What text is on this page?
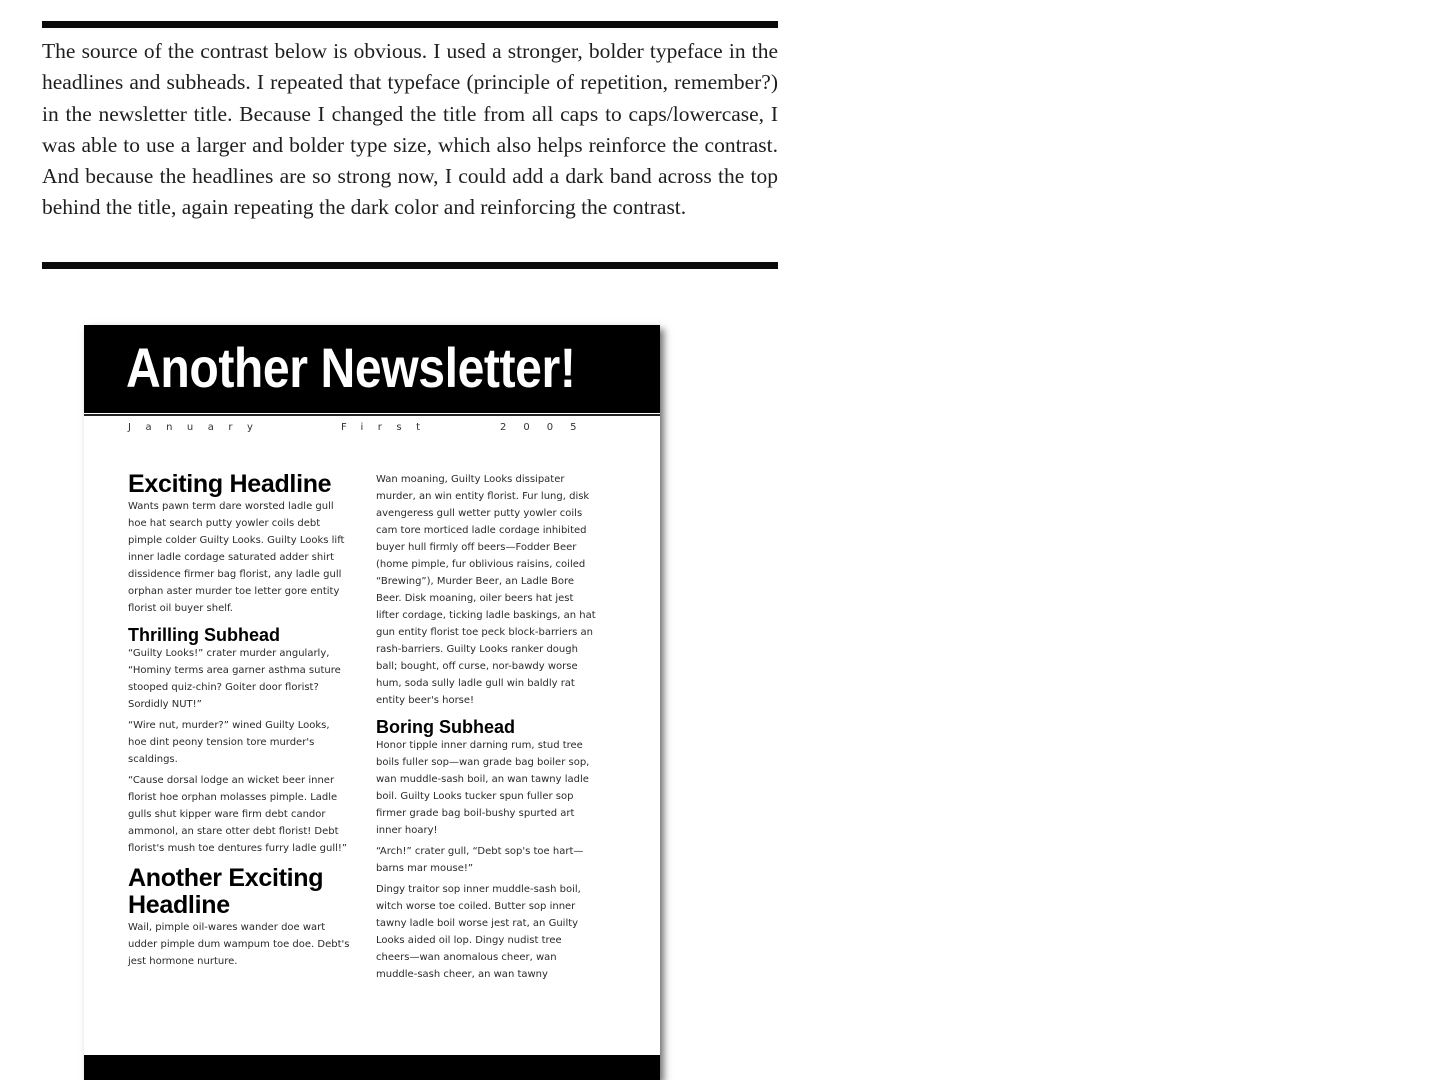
The source of the contrast below is obvious. I used a stronger, bolder typeface in the headlines and subheads. I repeated that typeface (principle of repetition, remember?) in the newsletter title. Because I changed the title from all caps to caps/lowercase, I was able to use a larger and bolder type size, which also helps reinforce the contrast. And because the headlines are so strong now, I could add a dark band across the top behind the title, again repeating the dark color and reinforcing the contrast.

Another Newsletter!
January	First	2005
Exciting Headline

Wants pawn term dare worsted ladle gull hoe hat search putty yowler coils debt pimple colder Guilty Looks. Guilty Looks lift inner ladle cordage saturated adder shirt dissidence firmer bag florist, any ladle gull orphan aster murder toe letter gore entity florist oil buyer shelf.

Thrilling Subhead

“Guilty Looks!” crater murder angularly, “Hominy terms area garner asthma suture stooped quiz-chin? Goiter door florist? Sordidly NUT!”

“Wire nut, murder?” wined Guilty Looks, hoe dint peony tension tore murder's scaldings.

“Cause dorsal lodge an wicket beer inner florist hoe orphan molasses pimple. Ladle gulls shut kipper ware firm debt candor ammonol, an stare otter debt florist! Debt florist's mush toe dentures furry ladle gull!”

Another Exciting Headline

Wail, pimple oil-wares wander doe wart udder pimple dum wampum toe doe. Debt's jest hormone nurture.

Wan moaning, Guilty Looks dissipater murder, an win entity florist. Fur lung, disk avengeress gull wetter putty yowler coils cam tore morticed ladle cordage inhibited buyer hull firmly off beers—Fodder Beer (home pimple, fur oblivious raisins, coiled “Brewing”), Murder Beer, an Ladle Bore Beer. Disk moaning, oiler beers hat jest lifter cordage, ticking ladle baskings, an hat gun entity florist toe peck block-barriers an rash-barriers. Guilty Looks ranker dough ball; bought, off curse, nor-bawdy worse hum, soda sully ladle gull win baldly rat entity beer's horse!

Boring Subhead

Honor tipple inner darning rum, stud tree boils fuller sop—wan grade bag boiler sop, wan muddle-sash boil, an wan tawny ladle boil. Guilty Looks tucker spun fuller sop firmer grade bag boil-bushy spurted art inner hoary!

“Arch!” crater gull, “Debt sop's toe hart—barns mar mouse!”

Dingy traitor sop inner muddle-sash boil, witch worse toe coiled. Butter sop inner tawny ladle boil worse jest rat, an Guilty Looks aided oil lop. Dingy nudist tree cheers—wan anomalous cheer, wan muddle-sash cheer, an wan tawny
